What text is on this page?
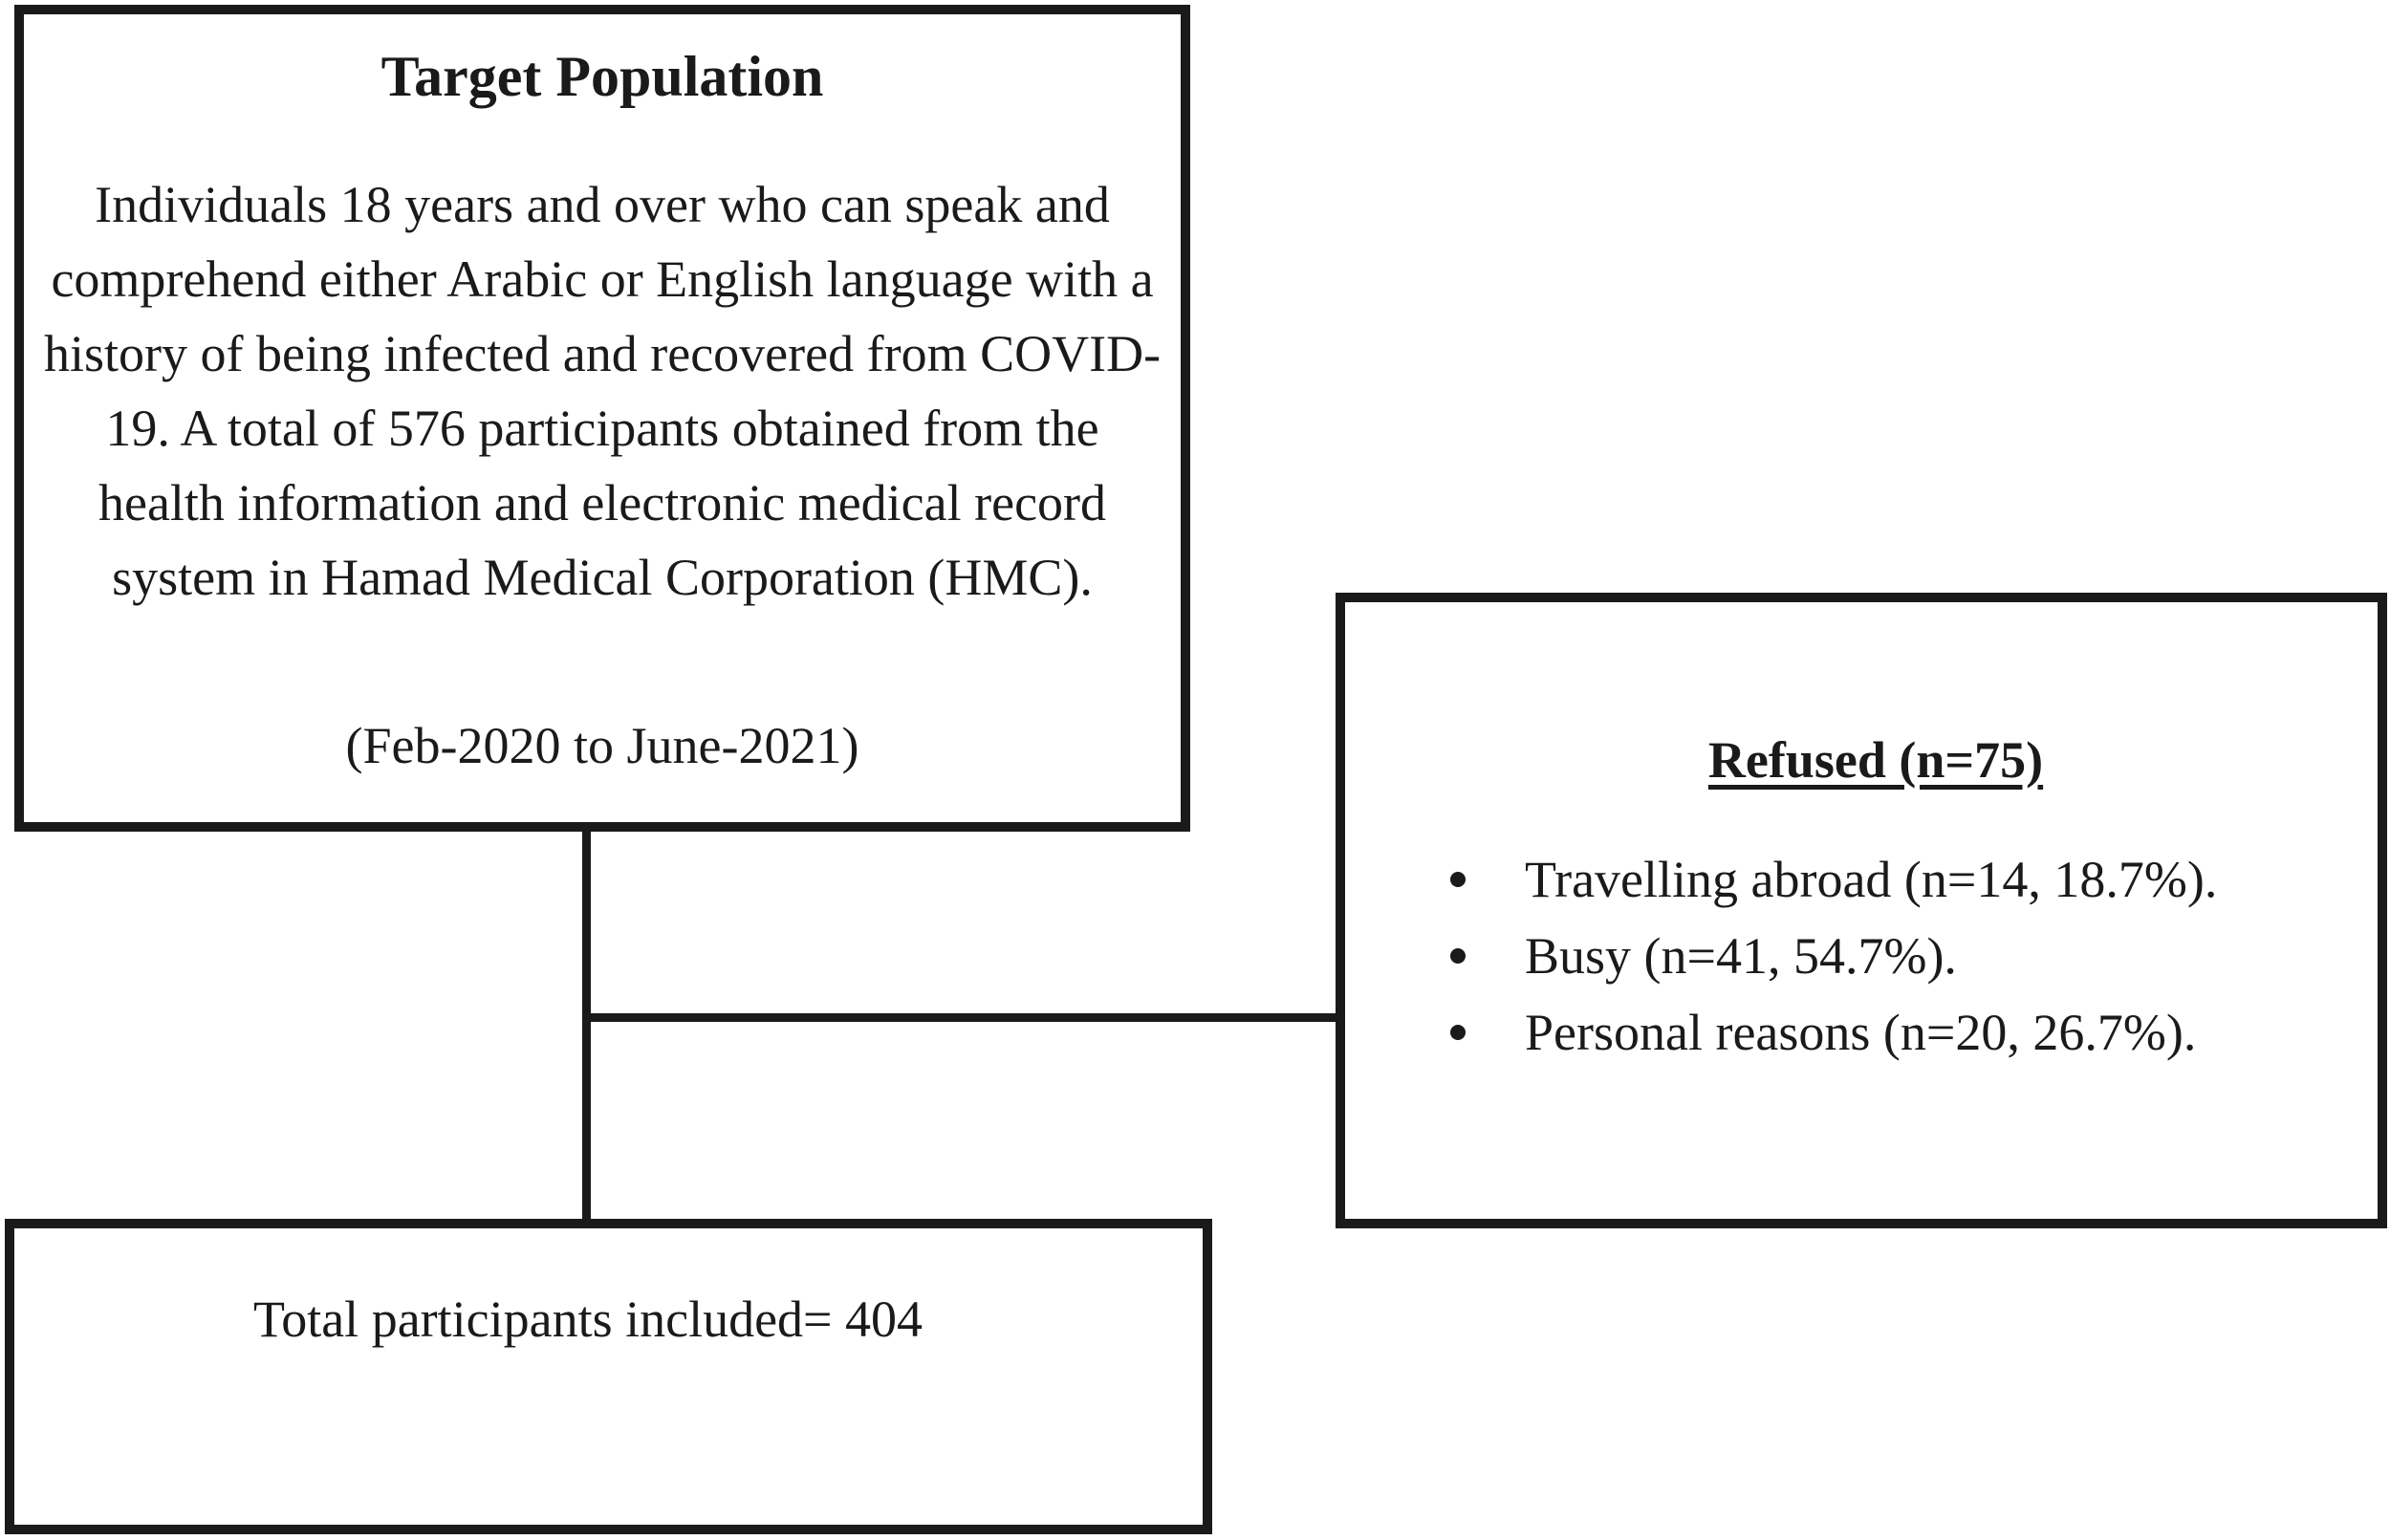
Target Population
Individuals 18 years and over who can speak and comprehend either Arabic or English language with a history of being infected and recovered from COVID-19. A total of 576 participants obtained from the health information and electronic medical record system in Hamad Medical Corporation (HMC).
(Feb-2020 to June-2021)	Refused (n=75)
Travelling abroad (n=14, 18.7%).
Busy (n=41, 54.7%).
Personal reasons (n=20, 26.7%).
Total participants included= 404
